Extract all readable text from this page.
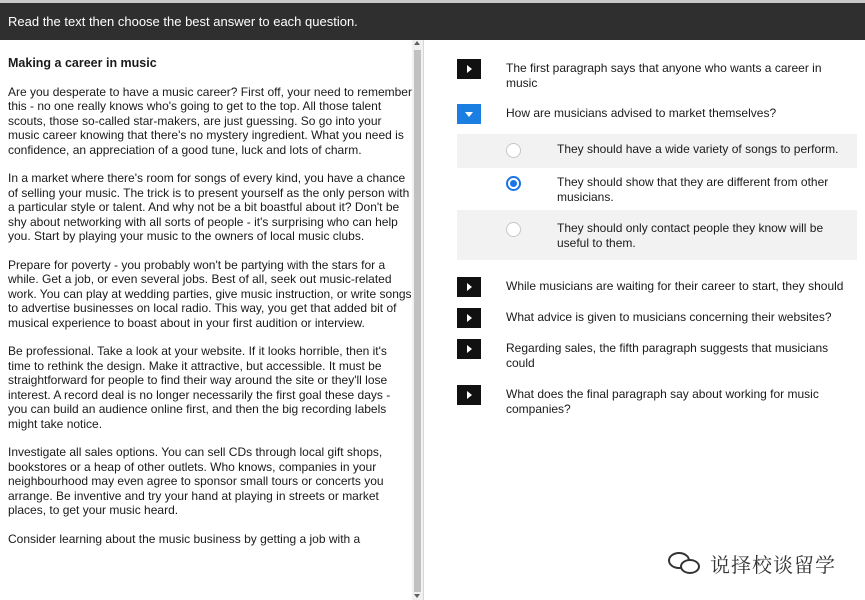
Read the text then choose the best answer to each question.
Making a career in music

Are you desperate to have a music career? First off, your need to remember this - no one really knows who's going to get to the top. All those talent scouts, those so-called star-makers, are just guessing. So go into your music career knowing that there's no mystery ingredient. What you need is confidence, an appreciation of a good tune, luck and lots of charm.

In a market where there's room for songs of every kind, you have a chance of selling your music. The trick is to present yourself as the only person with a particular style or talent. And why not be a bit boastful about it? Don't be shy about networking with all sorts of people - it's surprising who can help you. Start by playing your music to the owners of local music clubs.

Prepare for poverty - you probably won't be partying with the stars for a while. Get a job, or even several jobs. Best of all, seek out music-related work. You can play at wedding parties, give music instruction, or write songs to advertise businesses on local radio. This way, you get that added bit of musical experience to boast about in your first audition or interview.

Be professional. Take a look at your website. If it looks horrible, then it's time to rethink the design. Make it attractive, but accessible. It must be straightforward for people to find their way around the site or they'll lose interest. A record deal is no longer necessarily the first goal these days - you can build an audience online first, and then the big recording labels might take notice.

Investigate all sales options. You can sell CDs through local gift shops, bookstores or a heap of other outlets. Who knows, companies in your neighbourhood may even agree to sponsor small tours or concerts you arrange. Be inventive and try your hand at playing in streets or market places, to get your music heard.

Consider learning about the music business by getting a job with a

The first paragraph says that anyone who wants a career in music
How are musicians advised to market themselves?
They should have a wide variety of songs to perform.
They should show that they are different from other musicians.
They should only contact people they know will be useful to them.
While musicians are waiting for their career to start, they should
What advice is given to musicians concerning their websites?
Regarding sales, the fifth paragraph suggests that musicians could
What does the final paragraph say about working for music companies?
说择校谈留学
